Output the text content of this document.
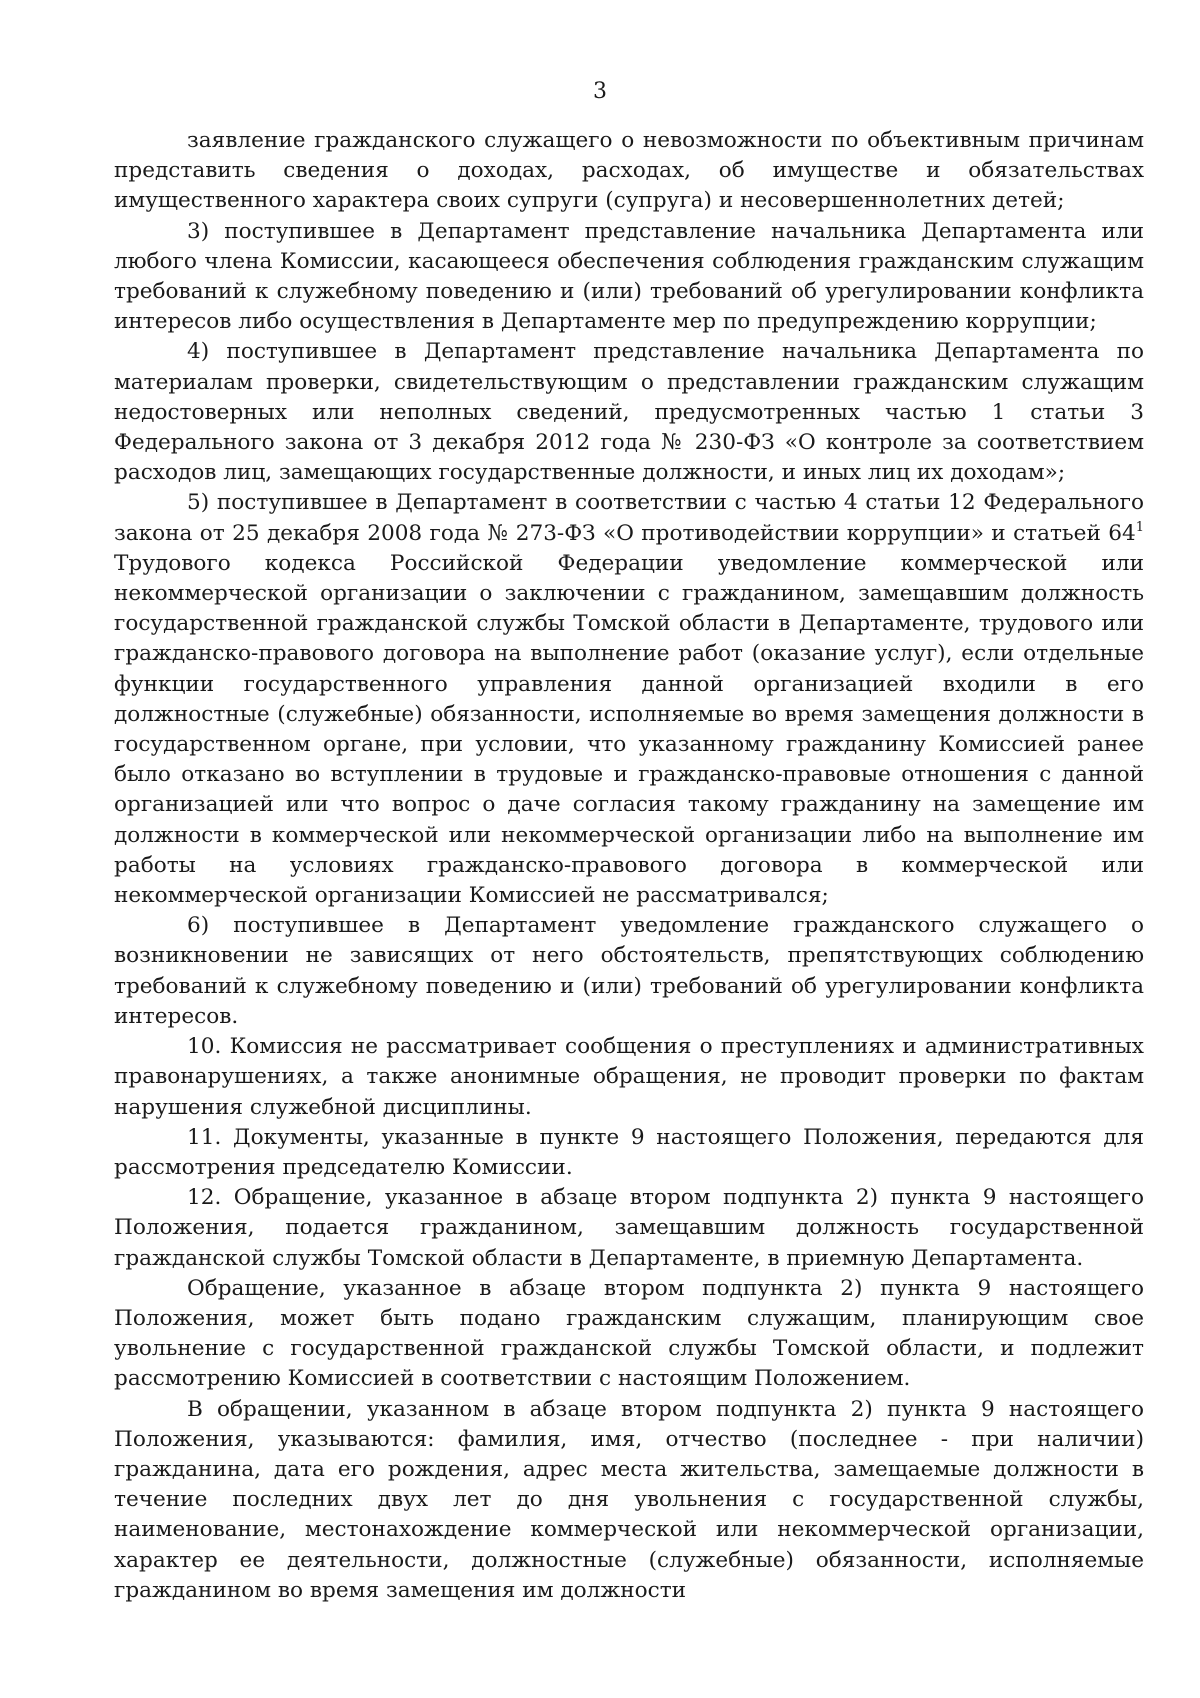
3

заявление гражданского служащего о невозможности по объективным причинам представить сведения о доходах, расходах, об имуществе и обязательствах имущественного характера своих супруги (супруга) и несовершеннолетних детей;

3) поступившее в Департамент представление начальника Департамента или любого члена Комиссии, касающееся обеспечения соблюдения гражданским служащим требований к служебному поведению и (или) требований об урегулировании конфликта интересов либо осуществления в Департаменте мер по предупреждению коррупции;

4) поступившее в Департамент представление начальника Департамента по материалам проверки, свидетельствующим о представлении гражданским служащим недостоверных или неполных сведений, предусмотренных частью 1 статьи 3 Федерального закона от 3 декабря 2012 года № 230-ФЗ «О контроле за соответствием расходов лиц, замещающих государственные должности, и иных лиц их доходам»;

5) поступившее в Департамент в соответствии с частью 4 статьи 12 Федерального закона от 25 декабря 2008 года № 273-ФЗ «О противодействии коррупции» и статьей $64^1$ Трудового кодекса Российской Федерации уведомление коммерческой или некоммерческой организации о заключении с гражданином, замещавшим должность государственной гражданской службы Томской области в Департаменте, трудового или гражданско-правового договора на выполнение работ (оказание услуг), если отдельные функции государственного управления данной организацией входили в его должностные (служебные) обязанности, исполняемые во время замещения должности в государственном органе, при условии, что указанному гражданину Комиссией ранее было отказано во вступлении в трудовые и гражданско-правовые отношения с данной организацией или что вопрос о даче согласия такому гражданину на замещение им должности в коммерческой или некоммерческой организации либо на выполнение им работы на условиях гражданско-правового договора в коммерческой или некоммерческой организации Комиссией не рассматривался;

6) поступившее в Департамент уведомление гражданского служащего о возникновении не зависящих от него обстоятельств, препятствующих соблюдению требований к служебному поведению и (или) требований об урегулировании конфликта интересов.

10. Комиссия не рассматривает сообщения о преступлениях и административных правонарушениях, а также анонимные обращения, не проводит проверки по фактам нарушения служебной дисциплины.

11. Документы, указанные в пункте 9 настоящего Положения, передаются для рассмотрения председателю Комиссии.

12. Обращение, указанное в абзаце втором подпункта 2) пункта 9 настоящего Положения, подается гражданином, замещавшим должность государственной гражданской службы Томской области в Департаменте, в приемную Департамента.

Обращение, указанное в абзаце втором подпункта 2) пункта 9 настоящего Положения, может быть подано гражданским служащим, планирующим свое увольнение с государственной гражданской службы Томской области, и подлежит рассмотрению Комиссией в соответствии с настоящим Положением.

В обращении, указанном в абзаце втором подпункта 2) пункта 9 настоящего Положения, указываются: фамилия, имя, отчество (последнее - при наличии) гражданина, дата его рождения, адрес места жительства, замещаемые должности в течение последних двух лет до дня увольнения с государственной службы, наименование, местонахождение коммерческой или некоммерческой организации, характер ее деятельности, должностные (служебные) обязанности, исполняемые гражданином во время замещения им должности
